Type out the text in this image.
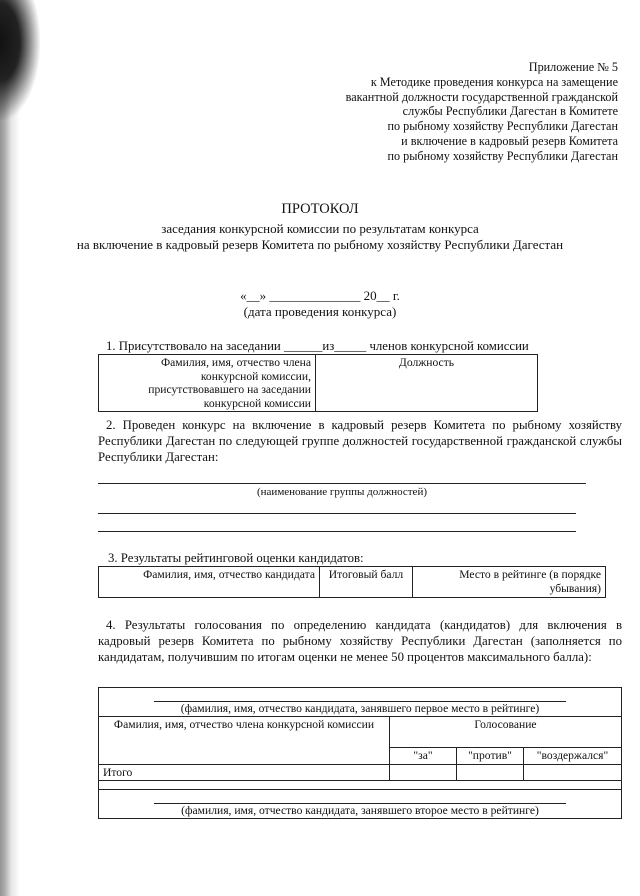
Приложение № 5
к Методике проведения конкурса на замещение
вакантной должности государственной гражданской
службы Республики Дагестан в Комитете
по рыбному хозяйству Республики Дагестан
и включение в кадровый резерв Комитета
по рыбному хозяйству Республики Дагестан
ПРОТОКОЛ
заседания конкурсной комиссии по результатам конкурса
на включение в кадровый резерв Комитета по рыбному хозяйству Республики Дагестан
«__» ______________ 20__ г.
(дата проведения конкурса)
1. Присутствовало на заседании ______из_____ членов конкурсной комиссии
Фамилия, имя, отчество члена конкурсной комиссии, присутствовавшего на заседании конкурсной комиссии	Должность
2. Проведен конкурс на включение в кадровый резерв Комитета по рыбному хозяйству Республики Дагестан по следующей группе должностей государственной гражданской службы Республики Дагестан:
(наименование группы должностей)
3. Результаты рейтинговой оценки кандидатов:
Фамилия, имя, отчество кандидата	Итоговый балл	Место в рейтинге (в порядке убывания)
4. Результаты голосования по определению кандидата (кандидатов) для включения в кадровый резерв Комитета по рыбному хозяйству Республики Дагестан (заполняется по кандидатам, получившим по итогам оценки не менее 50 процентов максимального балла):
(фамилия, имя, отчество кандидата, занявшего первое место в рейтинге)			
Фамилия, имя, отчество члена конкурсной комиссии	Голосование		
	"за"	"против"	"воздержался"
Итого			

(фамилия, имя, отчество кандидата, занявшего второе место в рейтинге)			
